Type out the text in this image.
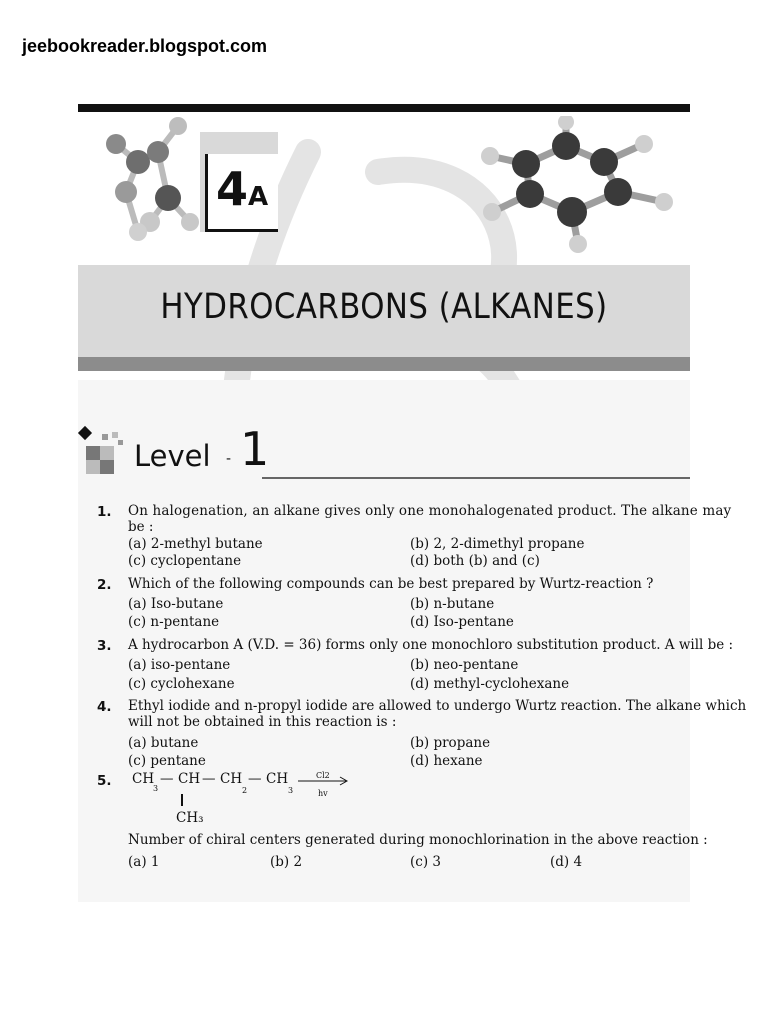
jeebookreader.blogspot.com
4A
HYDROCARBONS (ALKANES)
Level - 1
1. On halogenation, an alkane gives only one monohalogenated product. The alkane may
be :
(a) 2-methyl butane	(b) 2, 2-dimethyl propane
(c) cyclopentane	(d) both (b) and (c)
2. Which of the following compounds can be best prepared by Wurtz-reaction ?
(a) Iso-butane	(b) n-butane
(c) n-pentane	(d) Iso-pentane
3. A hydrocarbon A (V.D. = 36) forms only one monochloro substitution product. A will be :
(a) iso-pentane	(b) neo-pentane
(c) cyclohexane	(d) methyl-cyclohexane
4. Ethyl iodide and n-propyl iodide are allowed to undergo Wurtz reaction. The alkane which
will not be obtained in this reaction is :
(a) butane	(b) propane
(c) pentane	(d) hexane
5. CH
3
— CH — CH
2
— CH
3
Cl2
hv
CH₃
Number of chiral centers generated during monochlorination in the above reaction :
(a) 1	(b) 2	(c) 3	(d) 4
